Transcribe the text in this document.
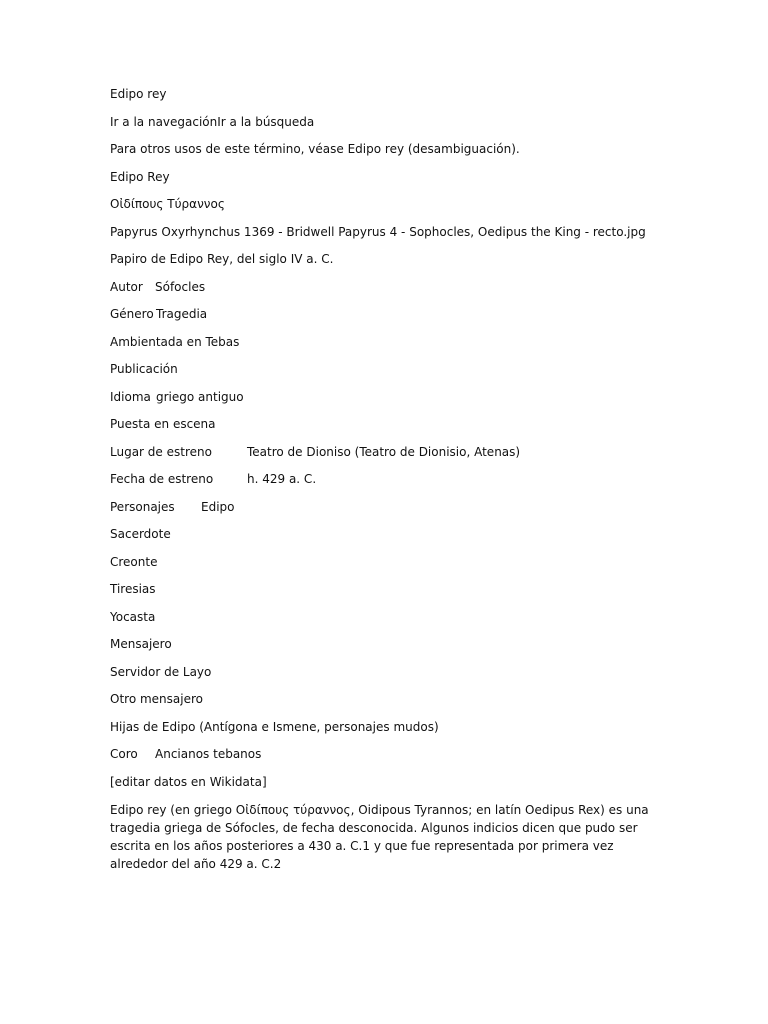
Edipo rey
Ir a la navegaciónIr a la búsqueda
Para otros usos de este término, véase Edipo rey (desambiguación).
Edipo Rey
Οἰδίπους Τύραννος
Papyrus Oxyrhynchus 1369 - Bridwell Papyrus 4 - Sophocles, Oedipus the King - recto.jpg
Papiro de Edipo Rey, del siglo IV a. C.
Autor	Sófocles
Género Tragedia
Ambientada en Tebas
Publicación
Idioma griego antiguo
Puesta en escena
Lugar de estreno	Teatro de Dioniso (Teatro de Dionisio, Atenas)
Fecha de estreno	h. 429 a. C.
Personajes	Edipo
Sacerdote
Creonte
Tiresias
Yocasta
Mensajero
Servidor de Layo
Otro mensajero
Hijas de Edipo (Antígona e Ismene, personajes mudos)
Coro	Ancianos tebanos
[editar datos en Wikidata]
Edipo rey (en griego Οἰδίπους τύραννος, Oidipous Tyrannos; en latín Oedipus Rex) es una tragedia griega de Sófocles, de fecha desconocida. Algunos indicios dicen que pudo ser escrita en los años posteriores a 430 a. C.1 y que fue representada por primera vez alrededor del año 429 a. C.2
